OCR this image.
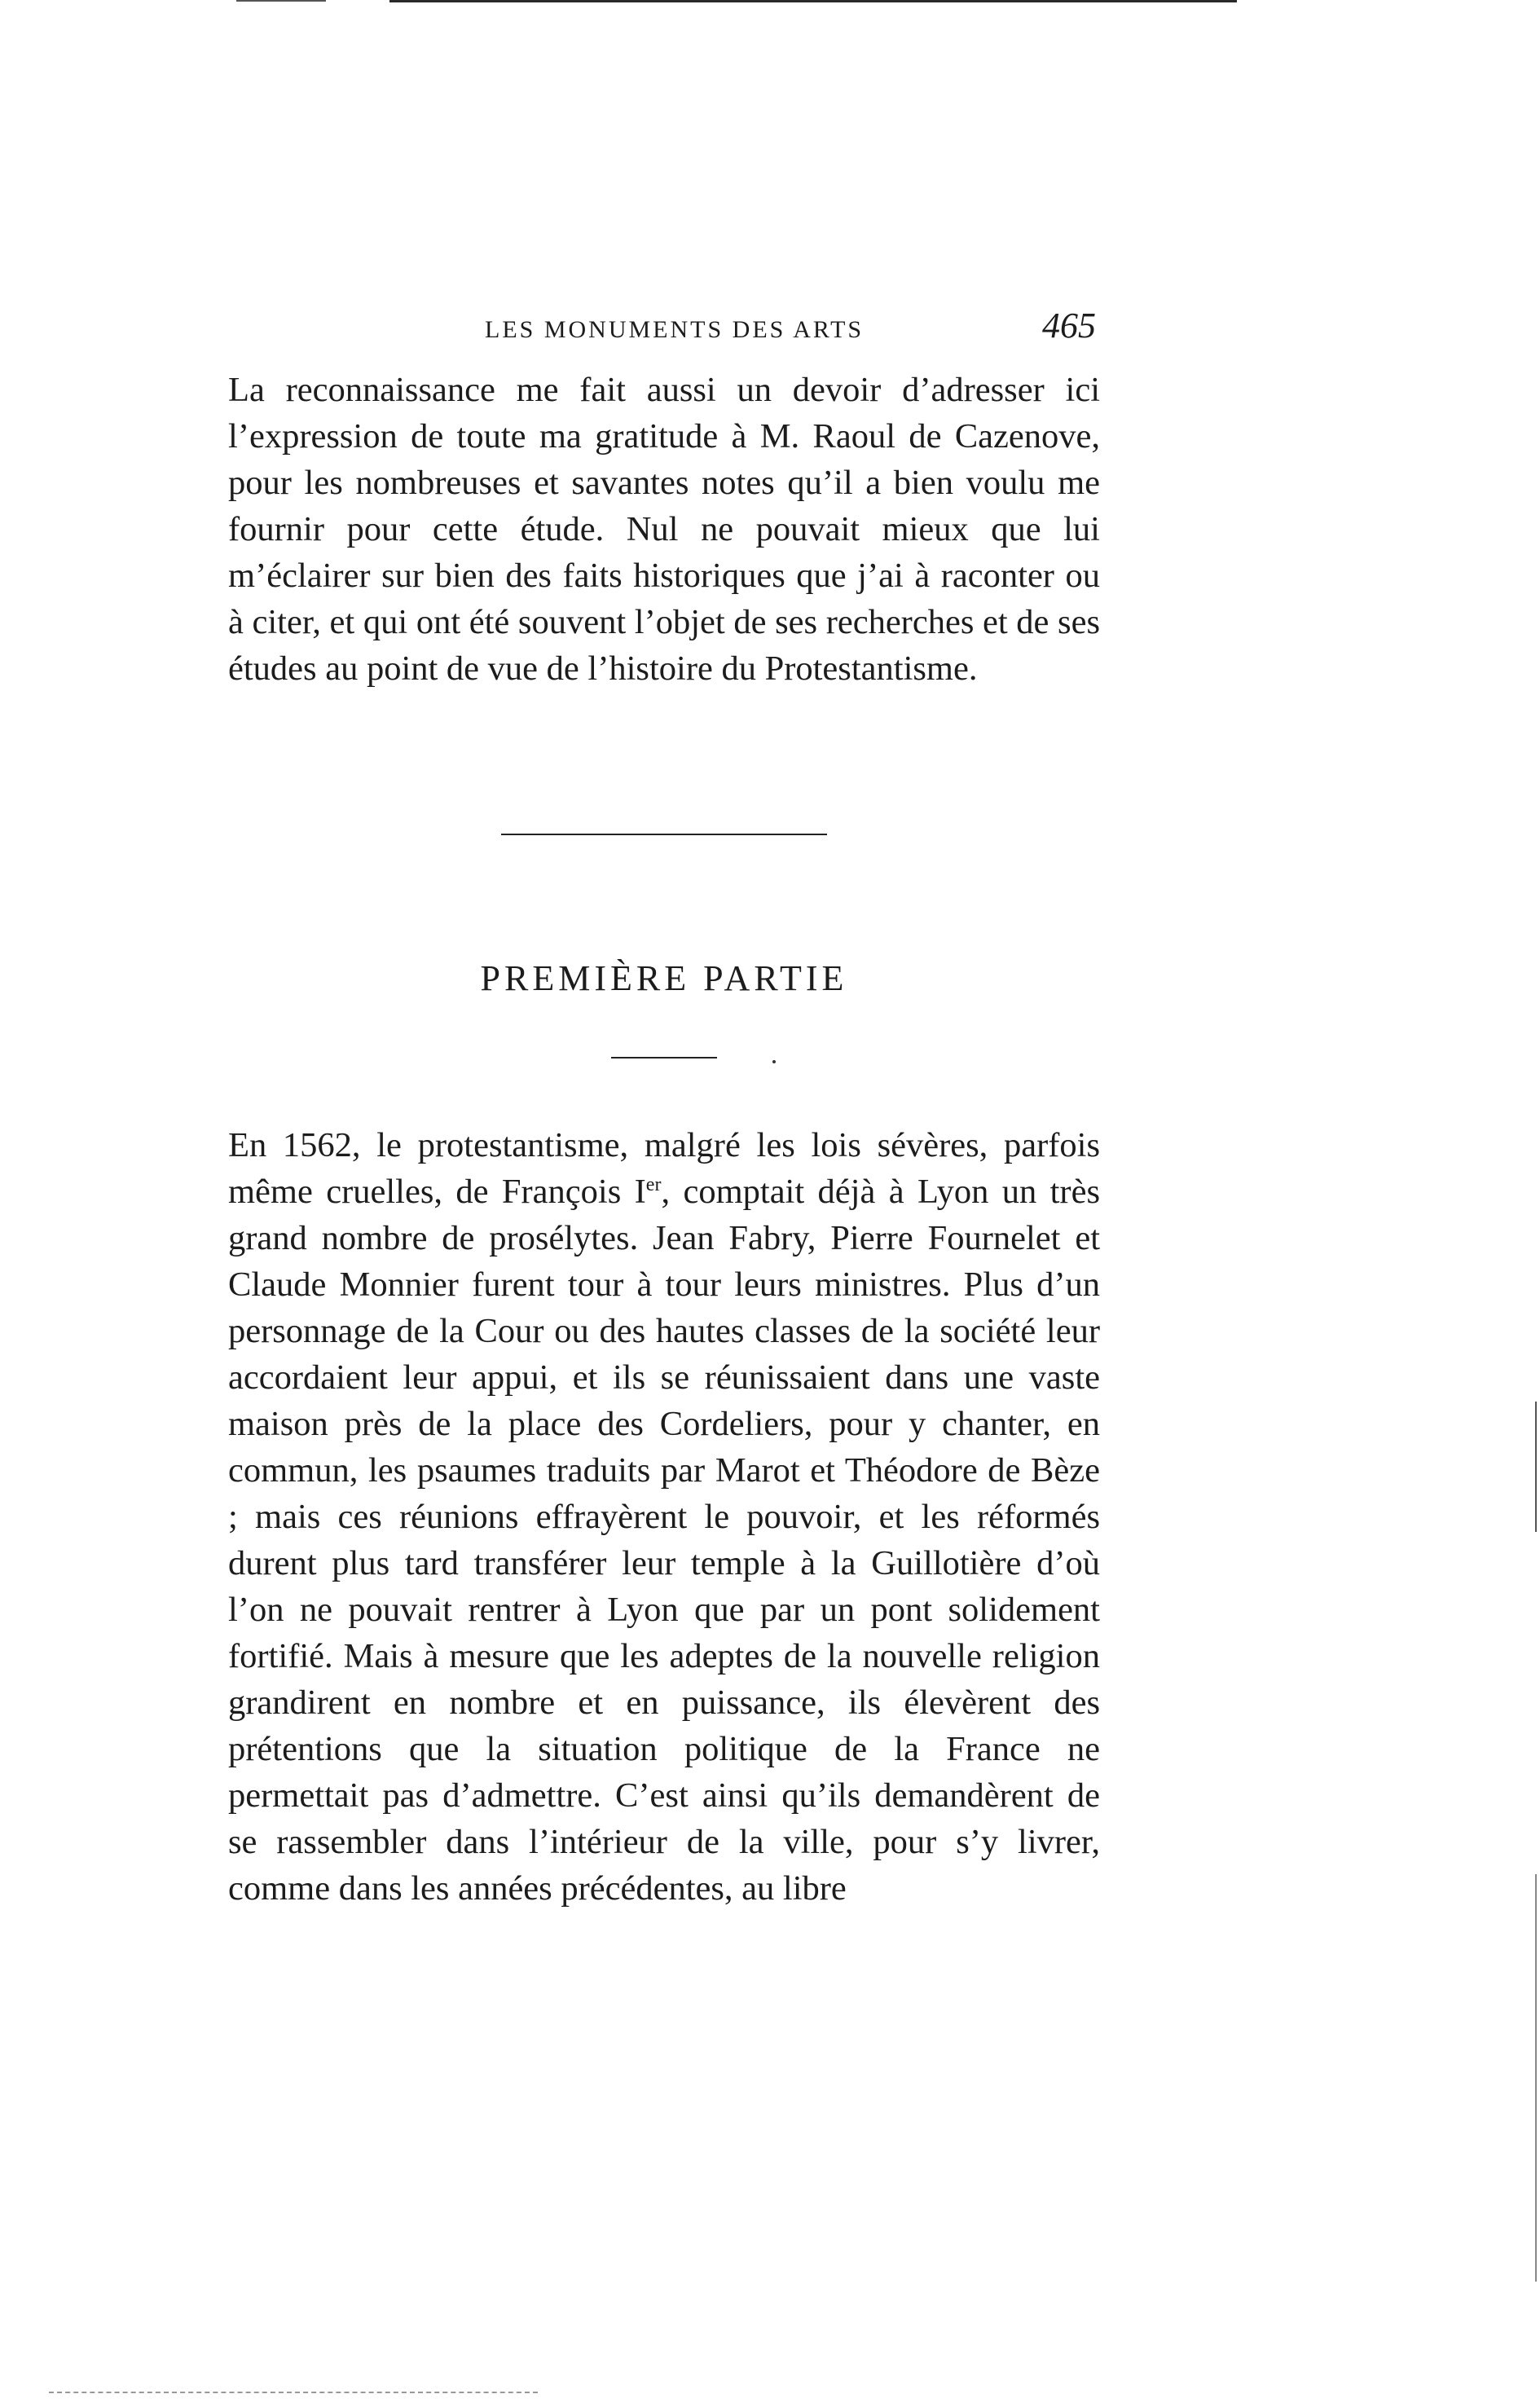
LES MONUMENTS DES ARTS	465

La reconnaissance me fait aussi un devoir d’adresser ici l’expression de toute ma gratitude à M. Raoul de Cazenove, pour les nombreuses et savantes notes qu’il a bien voulu me fournir pour cette étude. Nul ne pouvait mieux que lui m’éclairer sur bien des faits historiques que j’ai à raconter ou à citer, et qui ont été souvent l’objet de ses recherches et de ses études au point de vue de l’histoire du Protestantisme.

PREMIÈRE PARTIE

En 1562, le protestantisme, malgré les lois sévères, parfois même cruelles, de François Ier, comptait déjà à Lyon un très grand nombre de prosélytes. Jean Fabry, Pierre Fournelet et Claude Monnier furent tour à tour leurs ministres. Plus d’un personnage de la Cour ou des hautes classes de la société leur accordaient leur appui, et ils se réunissaient dans une vaste maison près de la place des Cordeliers, pour y chanter, en commun, les psaumes traduits par Marot et Théodore de Bèze ; mais ces réunions effrayèrent le pouvoir, et les réformés durent plus tard transférer leur temple à la Guillotière d’où l’on ne pouvait rentrer à Lyon que par un pont solidement fortifié. Mais à mesure que les adeptes de la nouvelle religion grandirent en nombre et en puissance, ils élevèrent des prétentions que la situation politique de la France ne permettait pas d’admettre. C’est ainsi qu’ils demandèrent de se rassembler dans l’intérieur de la ville, pour s’y livrer, comme dans les années précédentes, au libre
